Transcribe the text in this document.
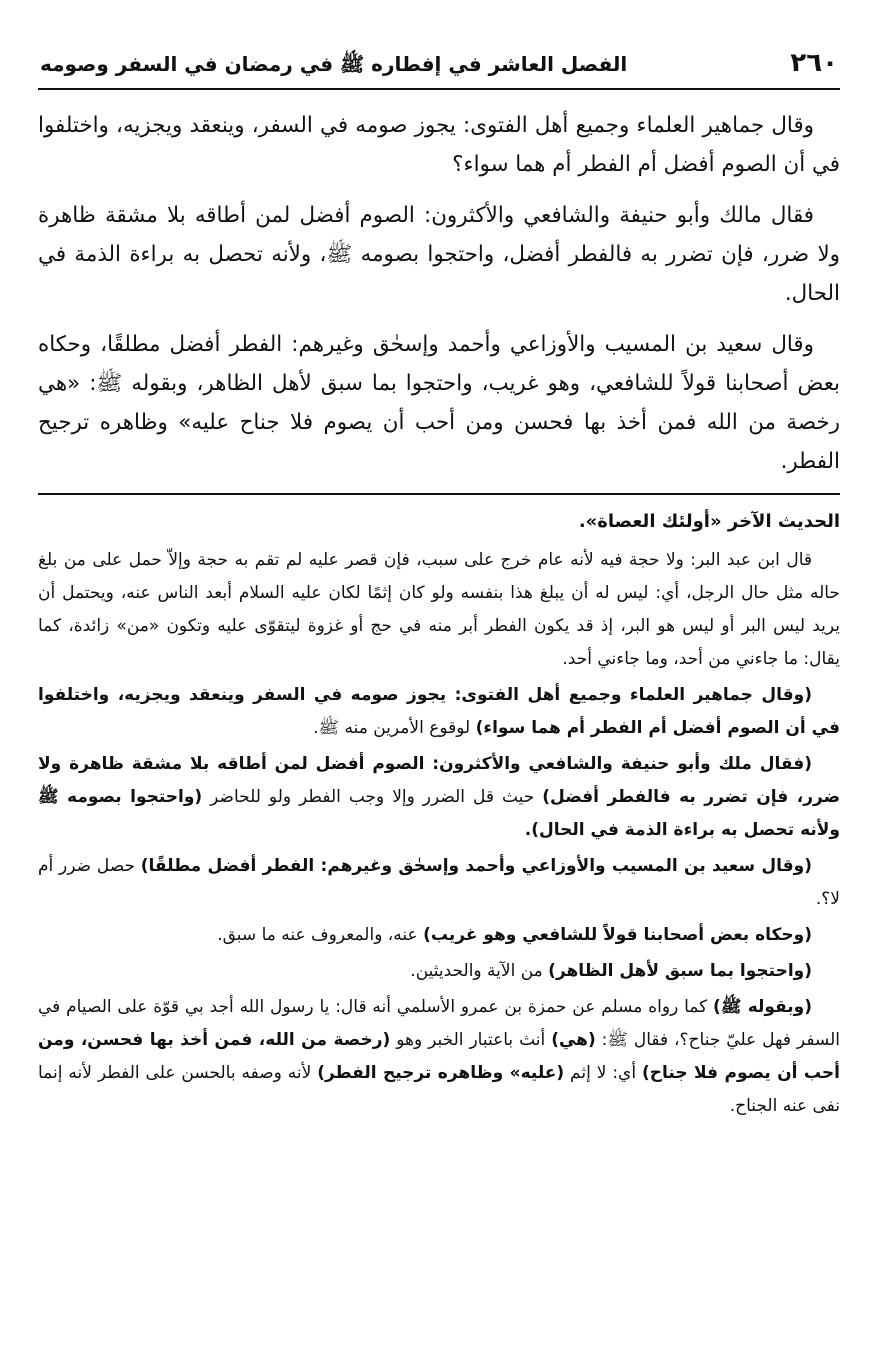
٢٦٠
الفصل العاشر في إفطاره ﷺ في رمضان في السفر وصومه

وقال جماهير العلماء وجميع أهل الفتوى: يجوز صومه في السفر، وينعقد ويجزيه، واختلفوا في أن الصوم أفضل أم الفطر أم هما سواء؟

فقال مالك وأبو حنيفة والشافعي والأكثرون: الصوم أفضل لمن أطاقه بلا مشقة ظاهرة ولا ضرر، فإن تضرر به فالفطر أفضل، واحتجوا بصومه ﷺ، ولأنه تحصل به براءة الذمة في الحال.

وقال سعيد بن المسيب والأوزاعي وأحمد وإسحٰق وغيرهم: الفطر أفضل مطلقًا، وحكاه بعض أصحابنا قولاً للشافعي، وهو غريب، واحتجوا بما سبق لأهل الظاهر، وبقوله ﷺ: «هي رخصة من الله فمن أخذ بها فحسن ومن أحب أن يصوم فلا جناح عليه» وظاهره ترجيح الفطر.

الحديث الآخر «أولئك العصاة».

قال ابن عبد البر: ولا حجة فيه لأنه عام خرج على سبب، فإن قصر عليه لم تقم به حجة وإلاّ حمل على من بلغ حاله مثل حال الرجل، أي: ليس له أن يبلغ هذا بنفسه ولو كان إثمًا لكان عليه السلام أبعد الناس عنه، ويحتمل أن يريد ليس البر أو ليس هو البر، إذ قد يكون الفطر أبر منه في حج أو غزوة ليتقوّى عليه وتكون «من» زائدة، كما يقال: ما جاءني من أحد، وما جاءني أحد.

(وقال جماهير العلماء وجميع أهل الفتوى: يجوز صومه في السفر وينعقد ويجزيه، واختلفوا في أن الصوم أفضل أم الفطر أم هما سواء) لوقوع الأمرين منه ﷺ.

(فقال ملك وأبو حنيفة والشافعي والأكثرون: الصوم أفضل لمن أطاقه بلا مشقة ظاهرة ولا ضرر، فإن تضرر به فالفطر أفضل) حيث قل الضرر وإلا وجب الفطر ولو للحاضر (واحتجوا بصومه ﷺ ولأنه تحصل به براءة الذمة في الحال).

(وقال سعيد بن المسيب والأوزاعي وأحمد وإسحٰق وغيرهم: الفطر أفضل مطلقًا) حصل ضرر أم لا؟.

(وحكاه بعض أصحابنا قولاً للشافعي وهو غريب) عنه، والمعروف عنه ما سبق.

(واحتجوا بما سبق لأهل الظاهر) من الآية والحديثين.

(وبقوله ﷺ) كما رواه مسلم عن حمزة بن عمرو الأسلمي أنه قال: يا رسول الله أجد بي قوّة على الصيام في السفر فهل عليّ جناح؟، فقال ﷺ: (هي) أنث باعتبار الخبر وهو (رخصة من الله، فمن أخذ بها فحسن، ومن أحب أن يصوم فلا جناح) أي: لا إثم (عليه» وظاهره ترجيح الفطر) لأنه وصفه بالحسن على الفطر لأنه إنما نفى عنه الجناح.
